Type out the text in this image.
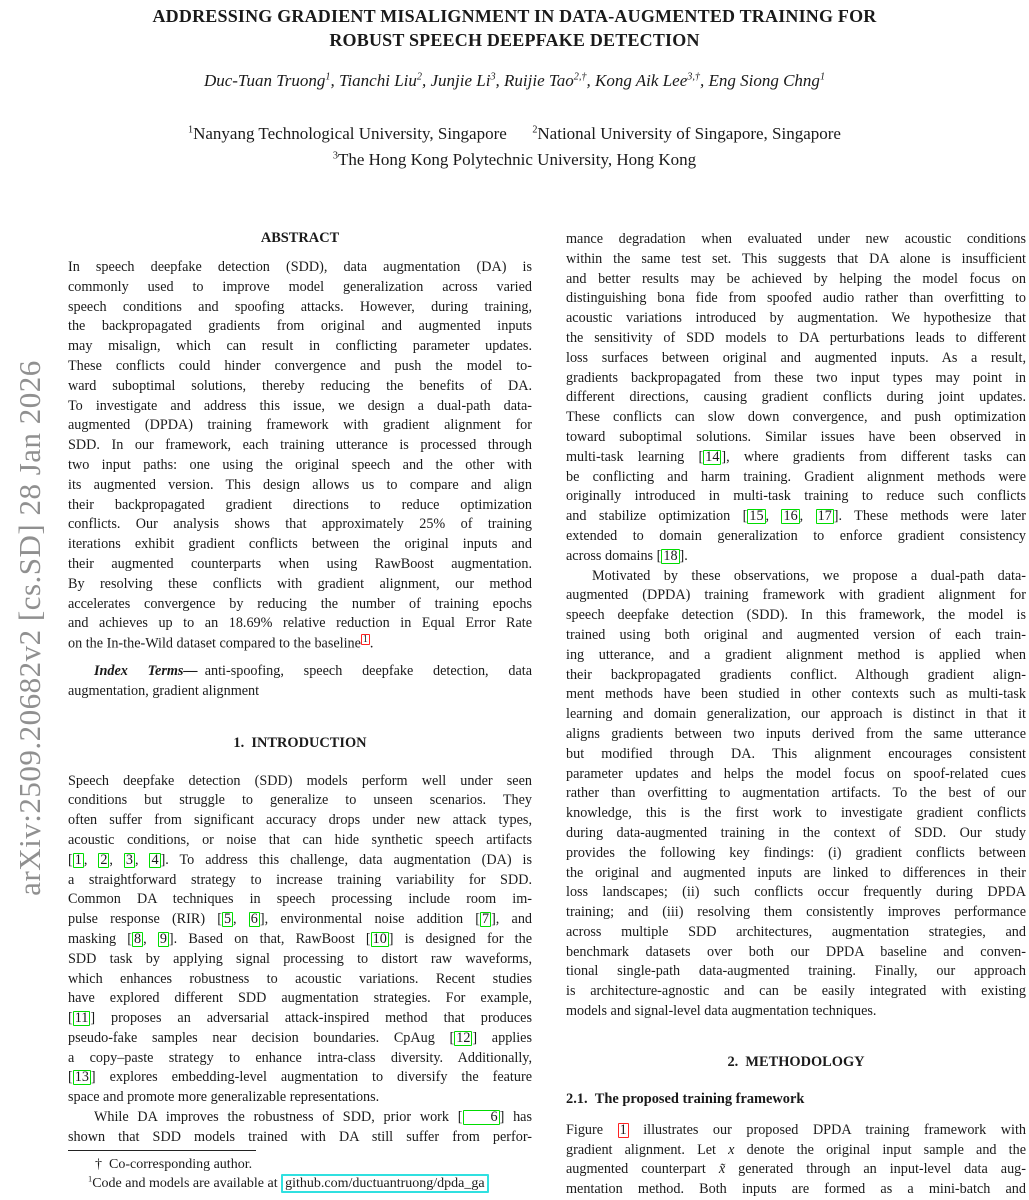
arXiv:2509.20682v2 [cs.SD] 28 Jan 2026
ADDRESSING GRADIENT MISALIGNMENT IN DATA-AUGMENTED TRAINING FOR
ROBUST SPEECH DEEPFAKE DETECTION
Duc-Tuan Truong$^1$, Tianchi Liu$^2$, Junjie Li$^3$, Ruijie Tao$^{2,\dagger}$, Kong Aik Lee$^{3,\dagger}$, Eng Siong Chng$^1$
$^1$Nanyang Technological University, Singapore  $^2$National University of Singapore, Singapore
$^3$The Hong Kong Polytechnic University, Hong Kong
ABSTRACT
In speech deepfake detection (SDD), data augmentation (DA) is
commonly used to improve model generalization across varied
speech conditions and spoofing attacks. However, during training,
the backpropagated gradients from original and augmented inputs
may misalign, which can result in conflicting parameter updates.
These conflicts could hinder convergence and push the model to-
ward suboptimal solutions, thereby reducing the benefits of DA.
To investigate and address this issue, we design a dual-path data-
augmented (DPDA) training framework with gradient alignment for
SDD. In our framework, each training utterance is processed through
two input paths: one using the original speech and the other with
its augmented version. This design allows us to compare and align
their backpropagated gradient directions to reduce optimization
conflicts. Our analysis shows that approximately 25% of training
iterations exhibit gradient conflicts between the original inputs and
their augmented counterparts when using RawBoost augmentation.
By resolving these conflicts with gradient alignment, our method
accelerates convergence by reducing the number of training epochs
and achieves up to an 18.69% relative reduction in Equal Error Rate
on the In-the-Wild dataset compared to the baseline $^1$ .
Index Terms— anti-spoofing, speech deepfake detection, data
augmentation, gradient alignment
1. INTRODUCTION
Speech deepfake detection (SDD) models perform well under seen
conditions but struggle to generalize to unseen scenarios. They
often suffer from significant accuracy drops under new attack types,
acoustic conditions, or noise that can hide synthetic speech artifacts
[ 1 , 2 , 3 , 4 ]. To address this challenge, data augmentation (DA) is
a straightforward strategy to increase training variability for SDD.
Common DA techniques in speech processing include room im-
pulse response (RIR) [ 5 , 6 ], environmental noise addition [ 7 ], and
masking [ 8 , 9 ]. Based on that, RawBoost [ 10 ] is designed for the
SDD task by applying signal processing to distort raw waveforms,
which enhances robustness to acoustic variations. Recent studies
have explored different SDD augmentation strategies. For example,
[ 11 ] proposes an adversarial attack-inspired method that produces
pseudo-fake samples near decision boundaries. CpAug [ 12 ] applies
a copy–paste strategy to enhance intra-class diversity. Additionally,
[ 13 ] explores embedding-level augmentation to diversify the feature
space and promote more generalizable representations.
While DA improves the robustness of SDD, prior work [ 6 ] has
shown that SDD models trained with DA still suffer from perfor-
mance degradation when evaluated under new acoustic conditions
within the same test set. This suggests that DA alone is insufficient
and better results may be achieved by helping the model focus on
distinguishing bona fide from spoofed audio rather than overfitting to
acoustic variations introduced by augmentation. We hypothesize that
the sensitivity of SDD models to DA perturbations leads to different
loss surfaces between original and augmented inputs. As a result,
gradients backpropagated from these two input types may point in
different directions, causing gradient conflicts during joint updates.
These conflicts can slow down convergence, and push optimization
toward suboptimal solutions. Similar issues have been observed in
multi-task learning [ 14 ], where gradients from different tasks can
be conflicting and harm training. Gradient alignment methods were
originally introduced in multi-task training to reduce such conflicts
and stabilize optimization [ 15 , 16 , 17 ]. These methods were later
extended to domain generalization to enforce gradient consistency
across domains [ 18 ].
Motivated by these observations, we propose a dual-path data-
augmented (DPDA) training framework with gradient alignment for
speech deepfake detection (SDD). In this framework, the model is
trained using both original and augmented version of each train-
ing utterance, and a gradient alignment method is applied when
their backpropagated gradients conflict. Although gradient align-
ment methods have been studied in other contexts such as multi-task
learning and domain generalization, our approach is distinct in that it
aligns gradients between two inputs derived from the same utterance
but modified through DA. This alignment encourages consistent
parameter updates and helps the model focus on spoof-related cues
rather than overfitting to augmentation artifacts. To the best of our
knowledge, this is the first work to investigate gradient conflicts
during data-augmented training in the context of SDD. Our study
provides the following key findings: (i) gradient conflicts between
the original and augmented inputs are linked to differences in their
loss landscapes; (ii) such conflicts occur frequently during DPDA
training; and (iii) resolving them consistently improves performance
across multiple SDD architectures, augmentation strategies, and
benchmark datasets over both our DPDA baseline and conven-
tional single-path data-augmented training. Finally, our approach
is architecture-agnostic and can be easily integrated with existing
models and signal-level data augmentation techniques.
2. METHODOLOGY
2.1. The proposed training framework
Figure 1 illustrates our proposed DPDA training framework with
gradient alignment. Let x denote the original input sample and the
augmented counterpart x̃ generated through an input-level data aug-
mentation method. Both inputs are formed as a mini-batch and
† Co-corresponding author.
$^1$Code and models are available at github.com/ductuantruong/dpda_ga
